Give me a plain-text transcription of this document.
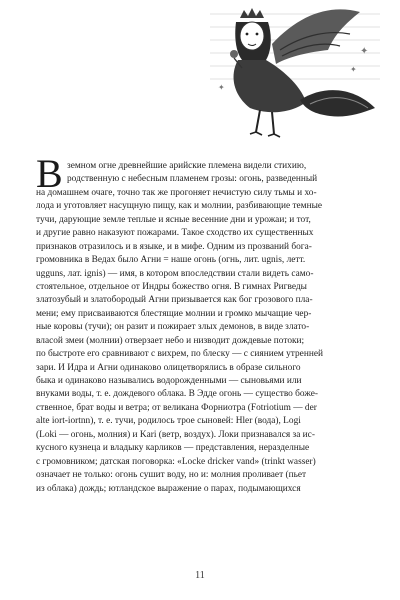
✦
✦
✦
В земном огне древнейшие арийские племена видели стихию,
родственную с небесным пламенем грозы: огонь, разведенный
на домашнем очаге, точно так же прогоняет нечистую силу тьмы и хо-
лода и уготовляет насущную пищу, как и молнии, разбивающие темные
тучи, дарующие земле теплые и ясные весенние дни и урожаи; и тот,
и другие равно наказуют пожарами. Такое сходство их существенных
признаков отразилось и в языке, и в мифе. Одним из прозваний бога-
громовника в Ведах было Агни = наше огонь (огнь, лит. ugnis, летт.
ugguns, лат. ignis) — имя, в котором впоследствии стали видеть само-
стоятельное, отдельное от Индры божество огня. В гимнах Ригведы
златозубый и златобородый Агни призывается как бог грозового пла-
мени; ему присваиваются блестящие молнии и громко мычащие чер-
ные коровы (тучи); он разит и пожирает злых демонов, в виде злато-
власой змеи (молнии) отверзает небо и низводит дождевые потоки;
по быстроте его сравнивают с вихрем, по блеску — с сиянием утренней
зари. И Идра и Агни одинаково олицетворялись в образе сильного
быка и одинаково назывались водорожденными — сыновьями или
внуками воды, т. е. дождевого облака. В Эдде огонь — существо боже-
ственное, брат воды и ветра; от великана Форниотра (Fotriotium — der
alte iort-iortnn), т. е. тучи, родилось трое сыновей: Hler (вода), Logi
(Loki — огонь, молния) и Kari (ветр, воздух). Локи признавался за ис-
кусного кузнеца и владыку карликов — представления, неразделные
с громовником; датская поговорка: «Locke dricker vand» (trinkt wasser)
означает не только: огонь сушит воду, но и: молния проливает (пьет
из облака) дождь; ютландское выражение о парах, подымающихся
11
